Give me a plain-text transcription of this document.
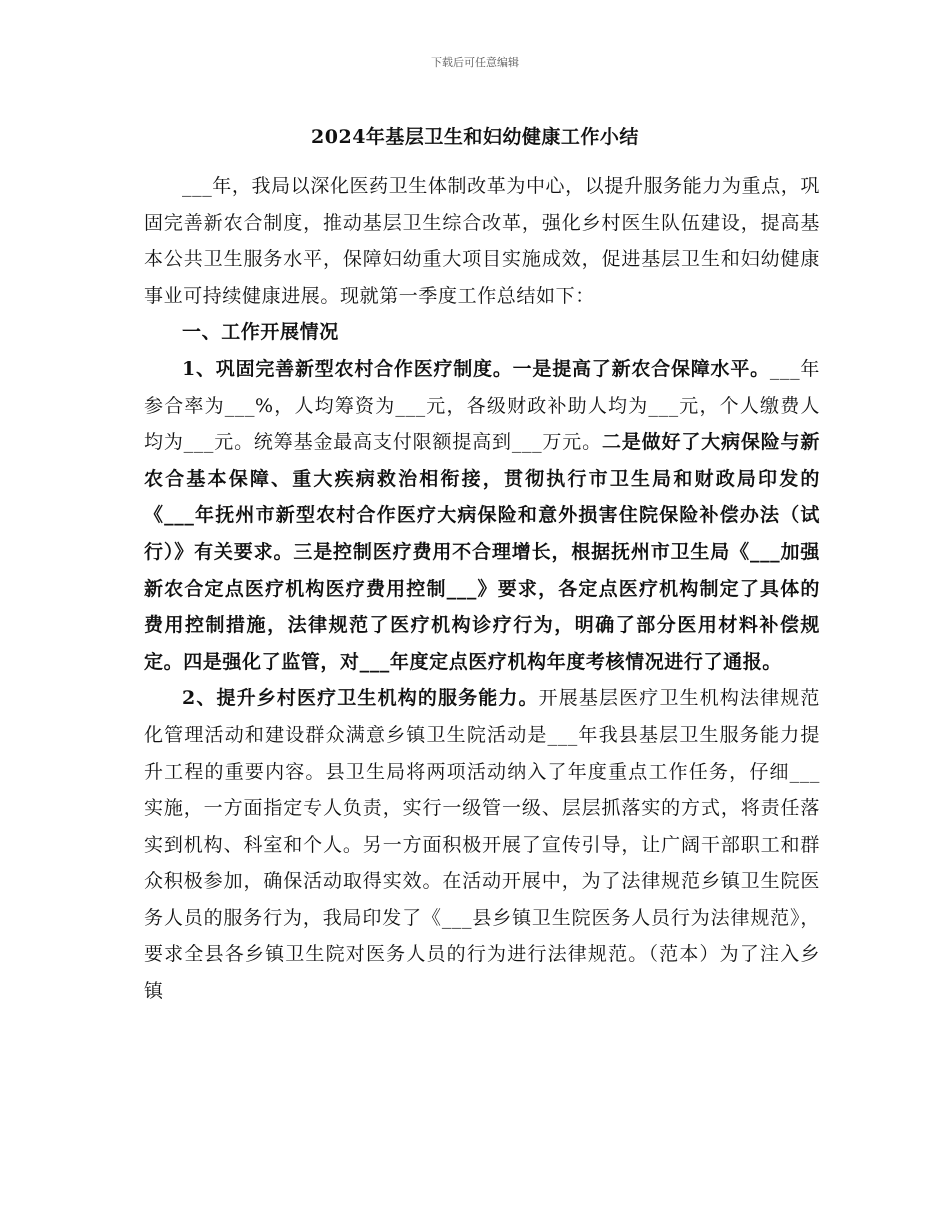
下载后可任意编辑
2024年基层卫生和妇幼健康工作小结

___年，我局以深化医药卫生体制改革为中心，以提升服务能力为重点，巩固完善新农合制度，推动基层卫生综合改革，强化乡村医生队伍建设，提高基本公共卫生服务水平，保障妇幼重大项目实施成效，促进基层卫生和妇幼健康事业可持续健康进展。现就第一季度工作总结如下：

一、工作开展情况

1、巩固完善新型农村合作医疗制度。一是提高了新农合保障水平。___年参合率为___%，人均筹资为___元，各级财政补助人均为___元，个人缴费人均为___元。统筹基金最高支付限额提高到___万元。二是做好了大病保险与新农合基本保障、重大疾病救治相衔接，贯彻执行市卫生局和财政局印发的《___年抚州市新型农村合作医疗大病保险和意外损害住院保险补偿办法（试行）》有关要求。三是控制医疗费用不合理增长，根据抚州市卫生局《___加强新农合定点医疗机构医疗费用控制___》要求，各定点医疗机构制定了具体的费用控制措施，法律规范了医疗机构诊疗行为，明确了部分医用材料补偿规定。四是强化了监管，对___年度定点医疗机构年度考核情况进行了通报。

2、提升乡村医疗卫生机构的服务能力。开展基层医疗卫生机构法律规范化管理活动和建设群众满意乡镇卫生院活动是___年我县基层卫生服务能力提升工程的重要内容。县卫生局将两项活动纳入了年度重点工作任务，仔细___实施，一方面指定专人负责，实行一级管一级、层层抓落实的方式，将责任落实到机构、科室和个人。另一方面积极开展了宣传引导，让广阔干部职工和群众积极参加，确保活动取得实效。在活动开展中，为了法律规范乡镇卫生院医务人员的服务行为，我局印发了《___县乡镇卫生院医务人员行为法律规范》，要求全县各乡镇卫生院对医务人员的行为进行法律规范。（范本）为了注入乡镇
